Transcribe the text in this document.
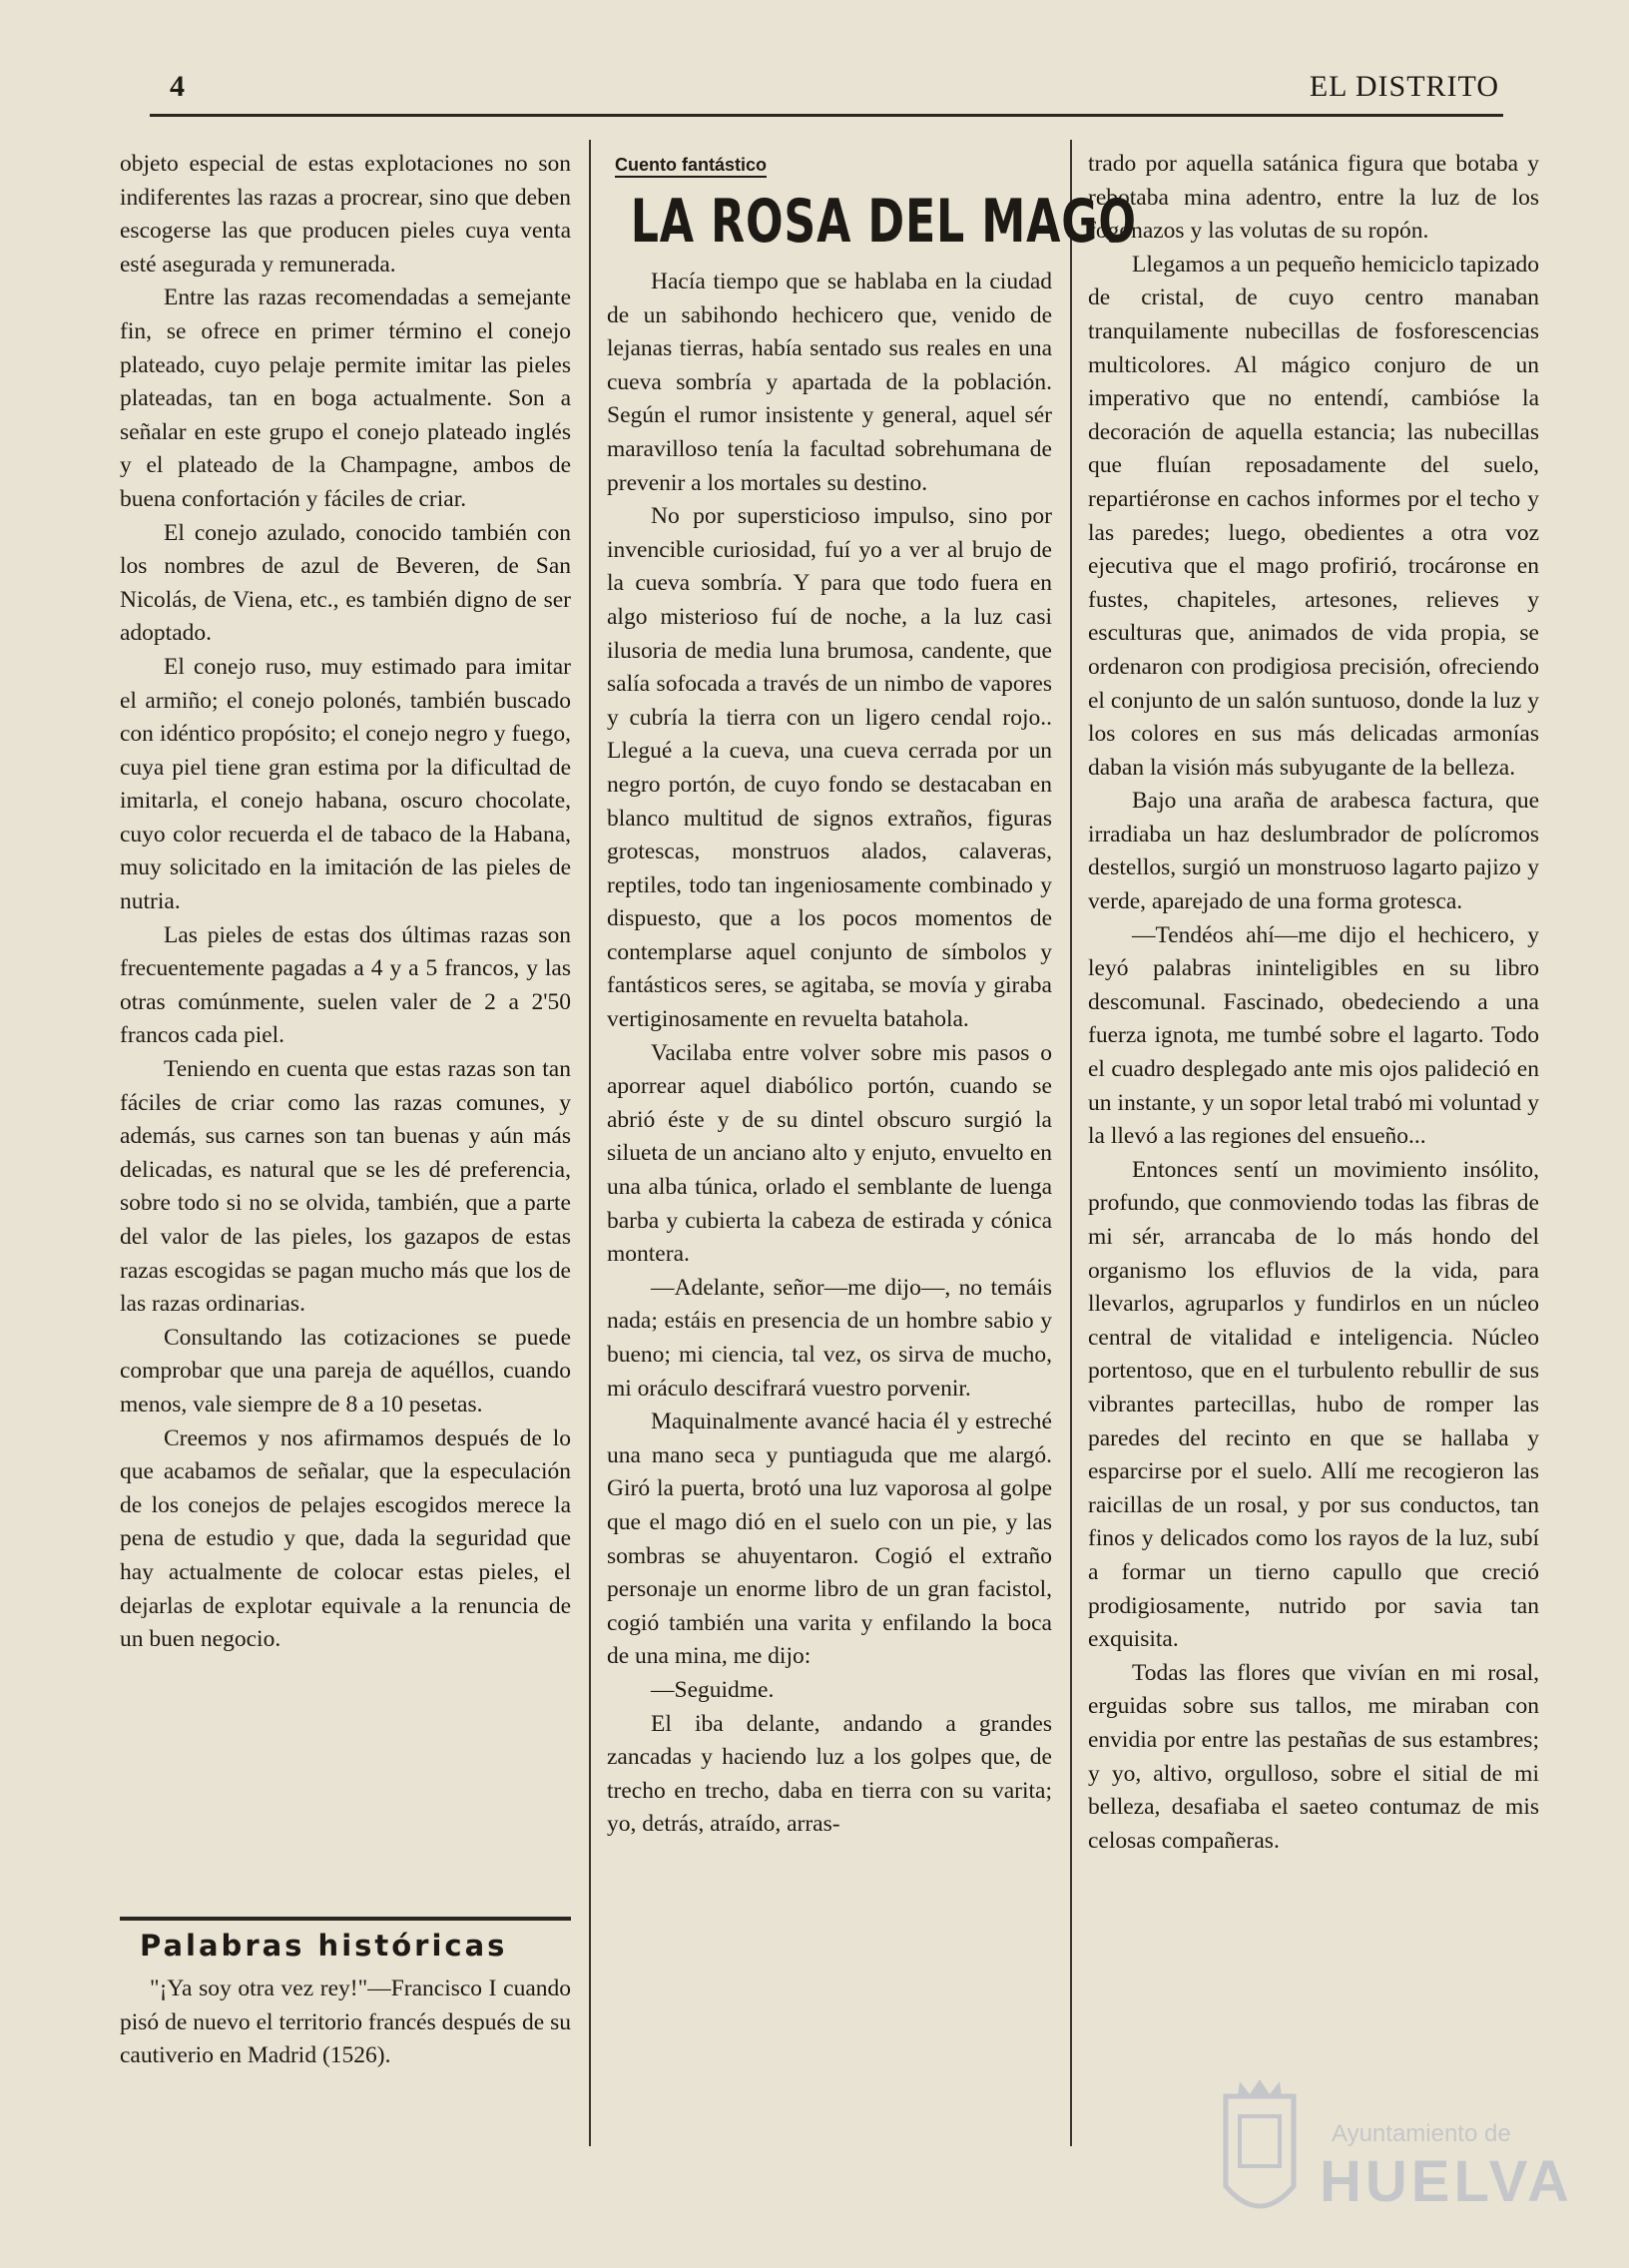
4	EL DISTRITO

objeto especial de estas explotaciones no son indiferentes las razas a procrear, sino que deben escogerse las que producen pieles cuya venta esté asegurada y remunerada.

Entre las razas recomendadas a semejante fin, se ofrece en primer término el conejo plateado, cuyo pelaje permite imitar las pieles plateadas, tan en boga actualmente. Son a señalar en este grupo el conejo plateado inglés y el plateado de la Champagne, ambos de buena confortación y fáciles de criar.

El conejo azulado, conocido también con los nombres de azul de Beveren, de San Nicolás, de Viena, etc., es también digno de ser adoptado.

El conejo ruso, muy estimado para imitar el armiño; el conejo polonés, también buscado con idéntico propósito; el conejo negro y fuego, cuya piel tiene gran estima por la dificultad de imitarla, el conejo habana, oscuro chocolate, cuyo color recuerda el de tabaco de la Habana, muy solicitado en la imitación de las pieles de nutria.

Las pieles de estas dos últimas razas son frecuentemente pagadas a 4 y a 5 francos, y las otras comúnmente, suelen valer de 2 a 2'50 francos cada piel.

Teniendo en cuenta que estas razas son tan fáciles de criar como las razas comunes, y además, sus carnes son tan buenas y aún más delicadas, es natural que se les dé preferencia, sobre todo si no se olvida, también, que a parte del valor de las pieles, los gazapos de estas razas escogidas se pagan mucho más que los de las razas ordinarias.

Consultando las cotizaciones se puede comprobar que una pareja de aquéllos, cuando menos, vale siempre de 8 a 10 pesetas.

Creemos y nos afirmamos después de lo que acabamos de señalar, que la especulación de los conejos de pelajes escogidos merece la pena de estudio y que, dada la seguridad que hay actualmente de colocar estas pieles, el dejarlas de explotar equivale a la renuncia de un buen negocio.

Palabras históricas

"¡Ya soy otra vez rey!"—Francisco I cuando pisó de nuevo el territorio francés después de su cautiverio en Madrid (1526).

Cuento fantástico
LA ROSA DEL MAGO

Hacía tiempo que se hablaba en la ciudad de un sabihondo hechicero que, venido de lejanas tierras, había sentado sus reales en una cueva sombría y apartada de la población. Según el rumor insistente y general, aquel sér maravilloso tenía la facultad sobrehumana de prevenir a los mortales su destino.

No por supersticioso impulso, sino por invencible curiosidad, fuí yo a ver al brujo de la cueva sombría. Y para que todo fuera en algo misterioso fuí de noche, a la luz casi ilusoria de media luna brumosa, candente, que salía sofocada a través de un nimbo de vapores y cubría la tierra con un ligero cendal rojo.. Llegué a la cueva, una cueva cerrada por un negro portón, de cuyo fondo se destacaban en blanco multitud de signos extraños, figuras grotescas, monstruos alados, calaveras, reptiles, todo tan ingeniosamente combinado y dispuesto, que a los pocos momentos de contemplarse aquel conjunto de símbolos y fantásticos seres, se agitaba, se movía y giraba vertiginosamente en revuelta batahola.

Vacilaba entre volver sobre mis pasos o aporrear aquel diabólico portón, cuando se abrió éste y de su dintel obscuro surgió la silueta de un anciano alto y enjuto, envuelto en una alba túnica, orlado el semblante de luenga barba y cubierta la cabeza de estirada y cónica montera.

—Adelante, señor—me dijo—, no temáis nada; estáis en presencia de un hombre sabio y bueno; mi ciencia, tal vez, os sirva de mucho, mi oráculo descifrará vuestro porvenir.

Maquinalmente avancé hacia él y estreché una mano seca y puntiaguda que me alargó. Giró la puerta, brotó una luz vaporosa al golpe que el mago dió en el suelo con un pie, y las sombras se ahuyentaron. Cogió el extraño personaje un enorme libro de un gran facistol, cogió también una varita y enfilando la boca de una mina, me dijo:

—Seguidme.

El iba delante, andando a grandes zancadas y haciendo luz a los golpes que, de trecho en trecho, daba en tierra con su varita; yo, detrás, atraído, arras-

trado por aquella satánica figura que botaba y rebotaba mina adentro, entre la luz de los fogonazos y las volutas de su ropón.

Llegamos a un pequeño hemiciclo tapizado de cristal, de cuyo centro manaban tranquilamente nubecillas de fosforescencias multicolores. Al mágico conjuro de un imperativo que no entendí, cambióse la decoración de aquella estancia; las nubecillas que fluían reposadamente del suelo, repartiéronse en cachos informes por el techo y las paredes; luego, obedientes a otra voz ejecutiva que el mago profirió, trocáronse en fustes, chapiteles, artesones, relieves y esculturas que, animados de vida propia, se ordenaron con prodigiosa precisión, ofreciendo el conjunto de un salón suntuoso, donde la luz y los colores en sus más delicadas armonías daban la visión más subyugante de la belleza.

Bajo una araña de arabesca factura, que irradiaba un haz deslumbrador de polícromos destellos, surgió un monstruoso lagarto pajizo y verde, aparejado de una forma grotesca.

—Tendéos ahí—me dijo el hechicero, y leyó palabras ininteligibles en su libro descomunal. Fascinado, obedeciendo a una fuerza ignota, me tumbé sobre el lagarto. Todo el cuadro desplegado ante mis ojos palideció en un instante, y un sopor letal trabó mi voluntad y la llevó a las regiones del ensueño...

Entonces sentí un movimiento insólito, profundo, que conmoviendo todas las fibras de mi sér, arrancaba de lo más hondo del organismo los efluvios de la vida, para llevarlos, agruparlos y fundirlos en un núcleo central de vitalidad e inteligencia. Núcleo portentoso, que en el turbulento rebullir de sus vibrantes partecillas, hubo de romper las paredes del recinto en que se hallaba y esparcirse por el suelo. Allí me recogieron las raicillas de un rosal, y por sus conductos, tan finos y delicados como los rayos de la luz, subí a formar un tierno capullo que creció prodigiosamente, nutrido por savia tan exquisita.

Todas las flores que vivían en mi rosal, erguidas sobre sus tallos, me miraban con envidia por entre las pestañas de sus estambres; y yo, altivo, orgulloso, sobre el sitial de mi belleza, desafiaba el saeteo contumaz de mis celosas compañeras.

Ayuntamiento de
HUELVA
